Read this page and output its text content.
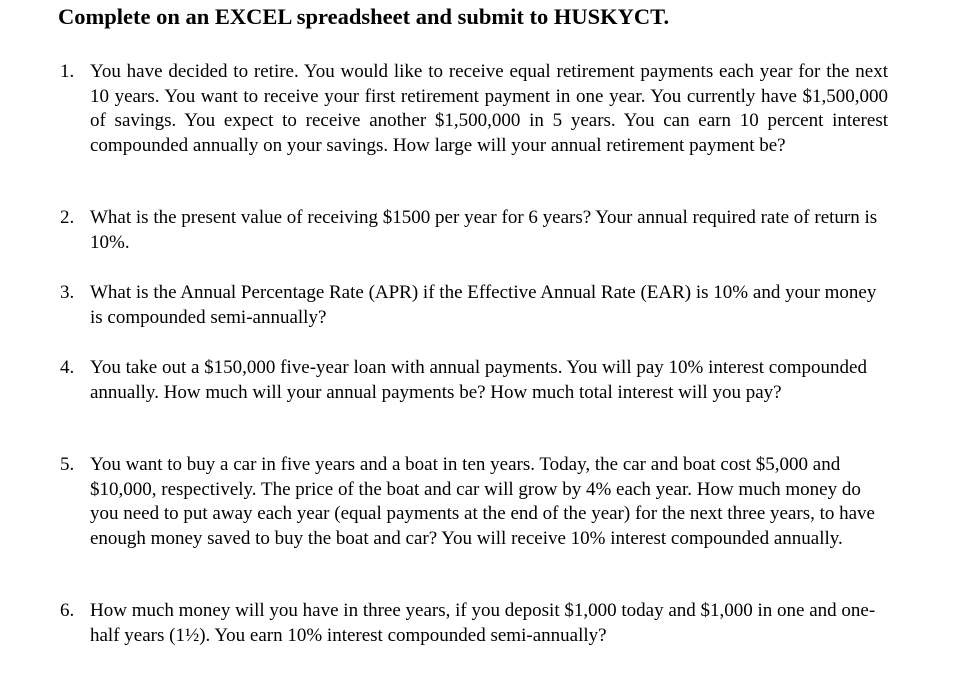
Complete on an EXCEL spreadsheet and submit to HUSKYCT.
1. You have decided to retire. You would like to receive equal retirement payments each year for the next 10 years. You want to receive your first retirement payment in one year. You currently have $1,500,000 of savings. You expect to receive another $1,500,000 in 5 years. You can earn 10 percent interest compounded annually on your savings. How large will your annual retirement payment be?

2. What is the present value of receiving $1500 per year for 6 years? Your annual required rate of return is 10%.

3. What is the Annual Percentage Rate (APR) if the Effective Annual Rate (EAR) is 10% and your money is compounded semi-annually?

4. You take out a $150,000 five-year loan with annual payments. You will pay 10% interest compounded annually. How much will your annual payments be? How much total interest will you pay?

5. You want to buy a car in five years and a boat in ten years. Today, the car and boat cost $5,000 and $10,000, respectively. The price of the boat and car will grow by 4% each year. How much money do you need to put away each year (equal payments at the end of the year) for the next three years, to have enough money saved to buy the boat and car? You will receive 10% interest compounded annually.

6. How much money will you have in three years, if you deposit $1,000 today and $1,000 in one and one-half years (1½). You earn 10% interest compounded semi-annually?
